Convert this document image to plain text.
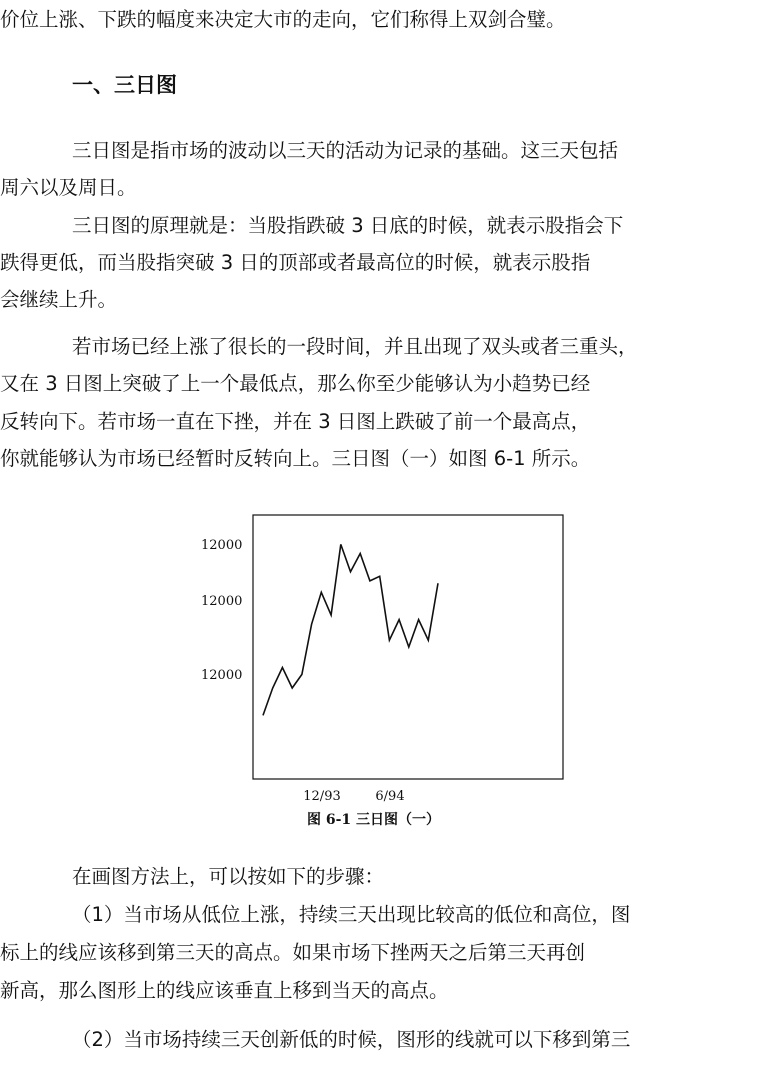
价位上涨、下跌的幅度来决定大市的走向，它们称得上双剑合璧。
一、三日图
三日图是指市场的波动以三天的活动为记录的基础。这三天包括
周六以及周日。
三日图的原理就是：当股指跌破 3 日底的时候，就表示股指会下
跌得更低，而当股指突破 3 日的顶部或者最高位的时候，就表示股指
会继续上升。
若市场已经上涨了很长的一段时间，并且出现了双头或者三重头，
又在 3 日图上突破了上一个最低点，那么你至少能够认为小趋势已经
反转向下。若市场一直在下挫，并在 3 日图上跌破了前一个最高点，
你就能够认为市场已经暂时反转向上。三日图（一）如图 6-1 所示。
12000
12000
12000
12/93	6/94
图 6-1 三日图（一）
在画图方法上，可以按如下的步骤：
（1）当市场从低位上涨，持续三天出现比较高的低位和高位，图
标上的线应该移到第三天的高点。如果市场下挫两天之后第三天再创
新高，那么图形上的线应该垂直上移到当天的高点。
（2）当市场持续三天创新低的时候，图形的线就可以下移到第三
